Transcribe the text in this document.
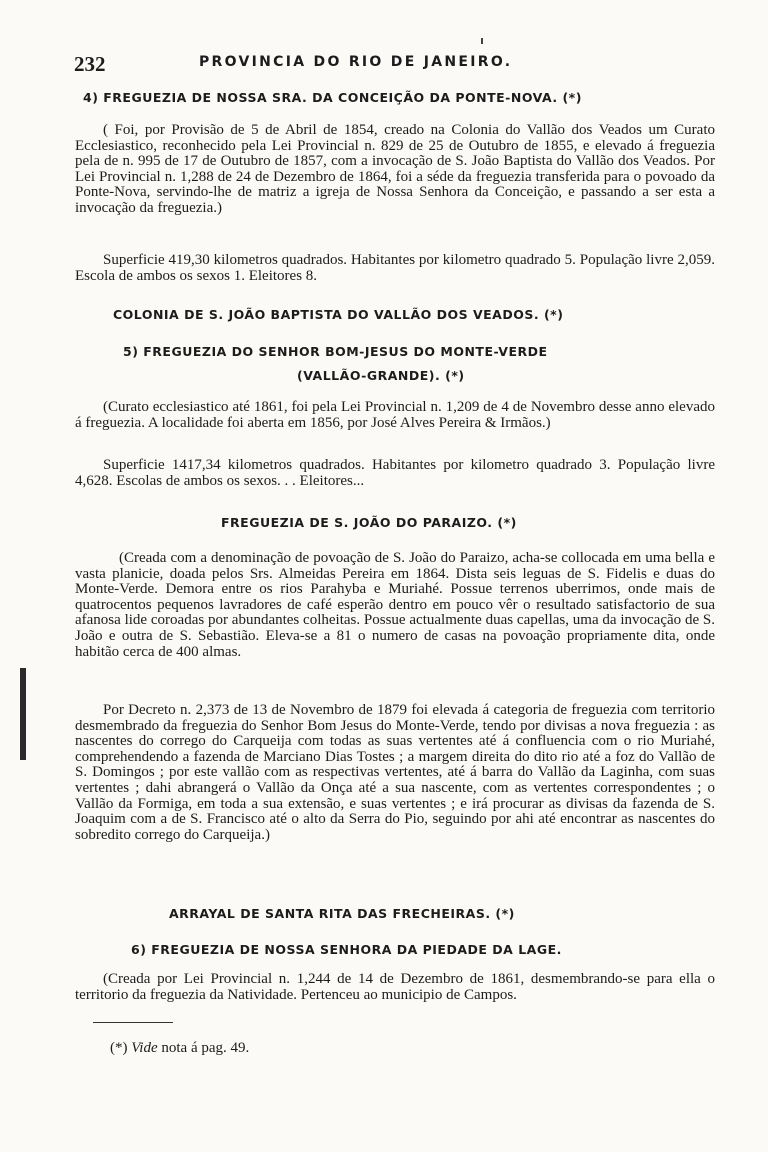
232	PROVINCIA DO RIO DE JANEIRO.
4) FREGUEZIA DE NOSSA SRA. DA CONCEIÇÃO DA PONTE-NOVA. (*)
( Foi, por Provisão de 5 de Abril de 1854, creado na Colonia do Vallão dos Veados um Curato Ecclesiastico, reconhecido pela Lei Provincial n. 829 de 25 de Outubro de 1855, e elevado á freguezia pela de n. 995 de 17 de Outubro de 1857, com a invocação de S. João Baptista do Vallão dos Veados. Por Lei Provincial n. 1,288 de 24 de Dezembro de 1864, foi a séde da freguezia transferida para o povoado da Ponte-Nova, servindo-lhe de matriz a igreja de Nossa Senhora da Conceição, e passando a ser esta a invocação da freguezia.)
Superficie 419,30 kilometros quadrados. Habitantes por kilometro quadrado 5. População livre 2,059. Escola de ambos os sexos 1. Eleitores 8.
COLONIA DE S. JOÃO BAPTISTA DO VALLÃO DOS VEADOS. (*)
5) FREGUEZIA DO SENHOR BOM-JESUS DO MONTE-VERDE
(VALLÃO-GRANDE). (*)
(Curato ecclesiastico até 1861, foi pela Lei Provincial n. 1,209 de 4 de Novembro desse anno elevado á freguezia. A localidade foi aberta em 1856, por José Alves Pereira & Irmãos.)
Superficie 1417,34 kilometros quadrados. Habitantes por kilometro quadrado 3. População livre 4,628. Escolas de ambos os sexos. . . Eleitores...
FREGUEZIA DE S. JOÃO DO PARAIZO. (*)
(Creada com a denominação de povoação de S. João do Paraizo, acha-se collocada em uma bella e vasta planicie, doada pelos Srs. Almeidas Pereira em 1864. Dista seis leguas de S. Fidelis e duas do Monte-Verde. Demora entre os rios Parahyba e Muriahé. Possue terrenos uberrimos, onde mais de quatrocentos pequenos lavradores de café esperão dentro em pouco vêr o resultado satisfactorio de sua afanosa lide coroadas por abundantes colheitas. Possue actualmente duas capellas, uma da invocação de S. João e outra de S. Sebastião. Eleva-se a 81 o numero de casas na povoação propriamente dita, onde habitão cerca de 400 almas.
Por Decreto n. 2,373 de 13 de Novembro de 1879 foi elevada á categoria de freguezia com territorio desmembrado da freguezia do Senhor Bom Jesus do Monte-Verde, tendo por divisas a nova freguezia : as nascentes do corrego do Carqueija com todas as suas vertentes até á confluencia com o rio Muriahé, comprehendendo a fazenda de Marciano Dias Tostes ; a margem direita do dito rio até a foz do Vallão de S. Domingos ; por este vallão com as respectivas vertentes, até á barra do Vallão da Laginha, com suas vertentes ; dahi abrangerá o Vallão da Onça até a sua nascente, com as vertentes correspondentes ; o Vallão da Formiga, em toda a sua extensão, e suas vertentes ; e irá procurar as divisas da fazenda de S. Joaquim com a de S. Francisco até o alto da Serra do Pio, seguindo por ahi até encontrar as nascentes do sobredito corrego do Carqueija.)
ARRAYAL DE SANTA RITA DAS FRECHEIRAS. (*)
6) FREGUEZIA DE NOSSA SENHORA DA PIEDADE DA LAGE.
(Creada por Lei Provincial n. 1,244 de 14 de Dezembro de 1861, desmembrando-se para ella o territorio da freguezia da Natividade. Pertenceu ao municipio de Campos.
(*) Vide nota á pag. 49.
